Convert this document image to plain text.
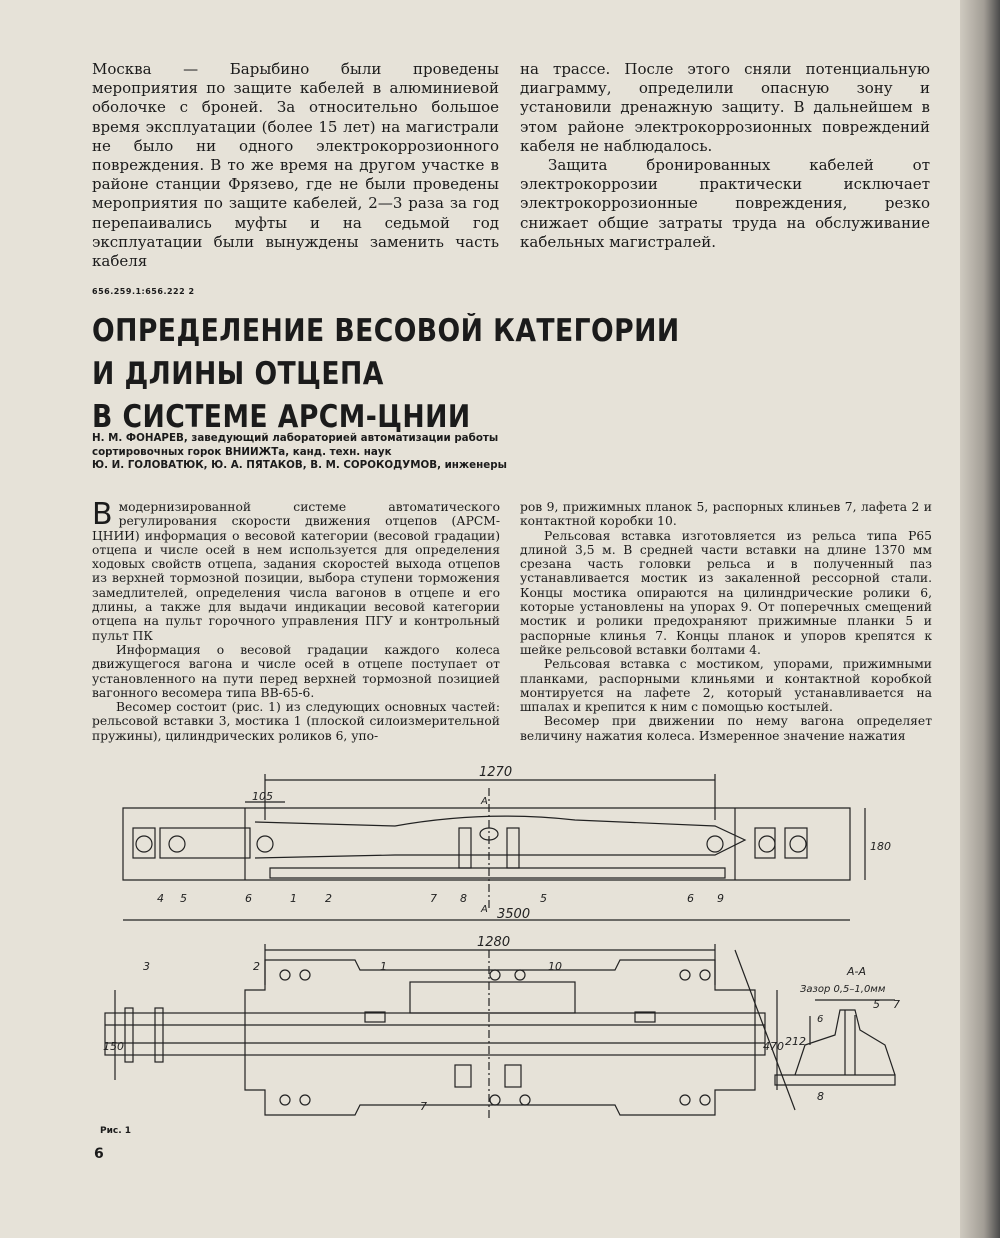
Москва — Барыбино были проведены мероприятия по защите кабелей в алюминиевой оболочке с броней. За относительно большое время эксплуатации (более 15 лет) на магистрали не было ни одного электрокоррозионного повреждения. В то же время на другом участке в районе станции Фрязево, где не были проведены мероприятия по защите кабелей, 2—3 раза за год перепаивались муфты и на седьмой год эксплуатации были вынуждены заменить часть кабеля

на трассе. После этого сняли потенциальную диаграмму, определили опасную зону и установили дренажную защиту. В дальнейшем в этом районе электрокоррозионных повреждений кабеля не наблюдалось.

Защита бронированных кабелей от электрокоррозии практически исключает электрокоррозионные повреждения, резко снижает общие затраты труда на обслуживание кабельных магистралей.

656.259.1:656.222 2
ОПРЕДЕЛЕНИЕ ВЕСОВОЙ КАТЕГОРИИ И ДЛИНЫ ОТЦЕПА
В СИСТЕМЕ АРСМ-ЦНИИ
Н. М. ФОНАРЕВ, заведующий лабораторией автоматизации работы
сортировочных горок ВНИИЖТа, канд. техн. наук
Ю. И. ГОЛОВАТЮК, Ю. А. ПЯТАКОВ, В. М. СОРОКОДУМОВ, инженеры

Вмодернизированной системе автоматического регулирования скорости движения отцепов (АРСМ-ЦНИИ) информация о весовой категории (весовой градации) отцепа и числе осей в нем используется для определения ходовых свойств отцепа, задания скоростей выхода отцепов из верхней тормозной позиции, выбора ступени торможения замедлителей, определения числа вагонов в отцепе и его длины, а также для выдачи индикации весовой категории отцепа на пульт горочного управления ПГУ и контрольный пульт ПК

Информация о весовой градации каждого колеса движущегося вагона и числе осей в отцепе поступает от установленного на пути перед верхней тормозной позицией вагонного весомера типа ВВ-65-6.

Весомер состоит (рис. 1) из следующих основных частей: рельсовой вставки 3, мостика 1 (плоской силоизмерительной пружины), цилиндрических роликов 6, упо-

ров 9, прижимных планок 5, распорных клиньев 7, лафета 2 и контактной коробки 10.

Рельсовая вставка изготовляется из рельса типа Р65 длиной 3,5 м. В средней части вставки на длине 1370 мм срезана часть головки рельса и в полученный паз устанавливается мостик из закаленной рессорной стали. Концы мостика опираются на цилиндрические ролики 6, которые установлены на упорах 9. От поперечных смещений мостик и ролики предохраняют прижимные планки 5 и распорные клинья 7. Концы планок и упоров крепятся к шейке рельсовой вставки болтами 4.

Рельсовая вставка с мостиком, упорами, прижимными планками, распорными клиньями и контактной коробкой монтируется на лафете 2, который устанавливается на шпалах и крепится к ним с помощью костылей.

Весомер при движении по нему вагона определяет величину нажатия колеса. Измеренное значение нажатия

1270
105	А
А
180
3500
1280
150	470 212
6
А-А
Зазор 0,5–1,0мм
4 5	6	1	2	7 8	5	6 9
3	2	1	10
7
5 7
8
Рис. 1
6
